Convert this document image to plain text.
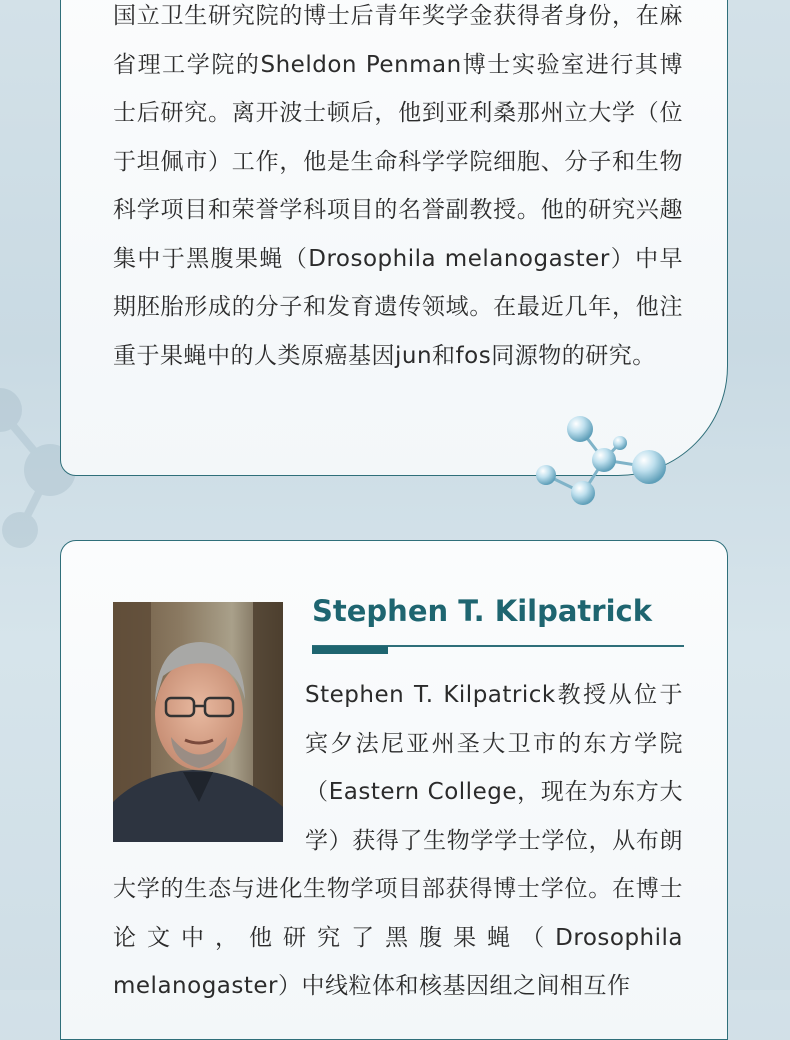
国立卫生研究院的博士后青年奖学金获得者身份，在麻省理工学院的Sheldon Penman博士实验室进行其博士后研究。离开波士顿后，他到亚利桑那州立大学（位于坦佩市）工作，他是生命科学学院细胞、分子和生物科学项目和荣誉学科项目的名誉副教授。他的研究兴趣集中于黑腹果蝇（Drosophila melanogaster）中早期胚胎形成的分子和发育遗传领域。在最近几年，他注重于果蝇中的人类原癌基因jun和fos同源物的研究。

Stephen T. Kilpatrick

Stephen T. Kilpatrick教授从位于宾夕法尼亚州圣大卫市的东方学院（Eastern College，现在为东方大学）获得了生物学学士学位，从布朗大学的生态与进化生物学项目部获得博士学位。在博士论文中，他研究了黑腹果蝇（Drosophila melanogaster）中线粒体和核基因组之间相互作
